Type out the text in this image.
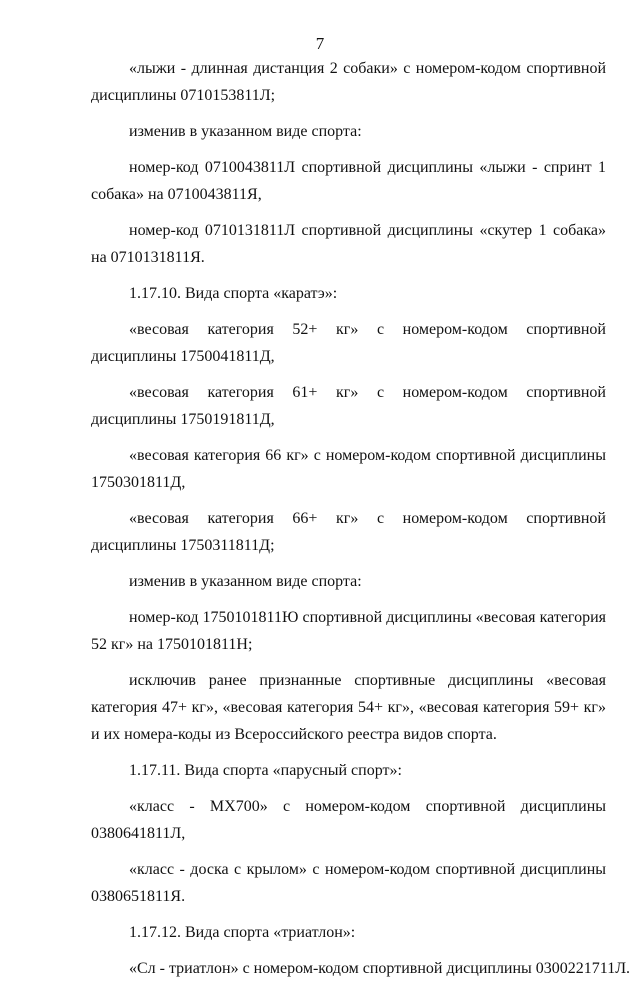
7

«лыжи - длинная дистанция 2 собаки» с номером-кодом спортивной дисциплины 0710153811Л;

изменив в указанном виде спорта:

номер-код 0710043811Л спортивной дисциплины «лыжи - спринт 1 собака» на 0710043811Я,

номер-код 0710131811Л спортивной дисциплины «скутер 1 собака» на 0710131811Я.

1.17.10. Вида спорта «каратэ»:

«весовая категория 52+ кг» с номером-кодом спортивной дисциплины 1750041811Д,

«весовая категория 61+ кг» с номером-кодом спортивной дисциплины 1750191811Д,

«весовая категория 66 кг» с номером-кодом спортивной дисциплины 1750301811Д,

«весовая категория 66+ кг» с номером-кодом спортивной дисциплины 1750311811Д;

изменив в указанном виде спорта:

номер-код 1750101811Ю спортивной дисциплины «весовая категория 52 кг» на 1750101811Н;

исключив ранее признанные спортивные дисциплины «весовая категория 47+ кг», «весовая категория 54+ кг», «весовая категория 59+ кг» и их номера-коды из Всероссийского реестра видов спорта.

1.17.11. Вида спорта «парусный спорт»:

«класс - МХ700» с номером-кодом спортивной дисциплины 0380641811Л,

«класс - доска с крылом» с номером-кодом спортивной дисциплины 0380651811Я.

1.17.12. Вида спорта «триатлон»:

«Сл - триатлон» с номером-кодом спортивной дисциплины 0300221711Л.
